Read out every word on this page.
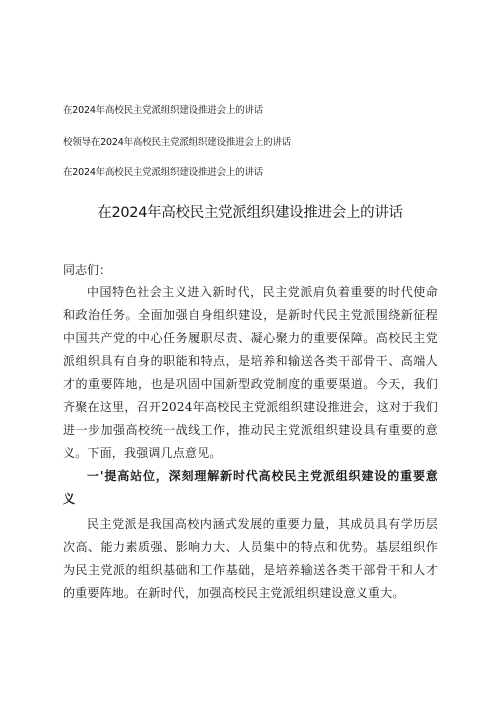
在2024年高校民主党派组织建设推进会上的讲话
校领导在2024年高校民主党派组织建设推进会上的讲话
在2024年高校民主党派组织建设推进会上的讲话
在2024年高校民主党派组织建设推进会上的讲话
同志们：
中国特色社会主义进入新时代，民主党派肩负着重要的时代使命
和政治任务。全面加强自身组织建设，是新时代民主党派围绕新征程
中国共产党的中心任务履职尽责、凝心聚力的重要保障。高校民主党
派组织具有自身的职能和特点，是培养和输送各类干部骨干、高端人
才的重要阵地，也是巩固中国新型政党制度的重要渠道。今天，我们
齐聚在这里，召开2024年高校民主党派组织建设推进会，这对于我们
进一步加强高校统一战线工作，推动民主党派组织建设具有重要的意
义。下面，我强调几点意见。
一'提高站位，深刻理解新时代高校民主党派组织建设的重要意
义
民主党派是我国高校内涵式发展的重要力量，其成员具有学历层
次高、能力素质强、影响力大、人员集中的特点和优势。基层组织作
为民主党派的组织基础和工作基础，是培养输送各类干部骨干和人才
的重要阵地。在新时代，加强高校民主党派组织建设意义重大。
